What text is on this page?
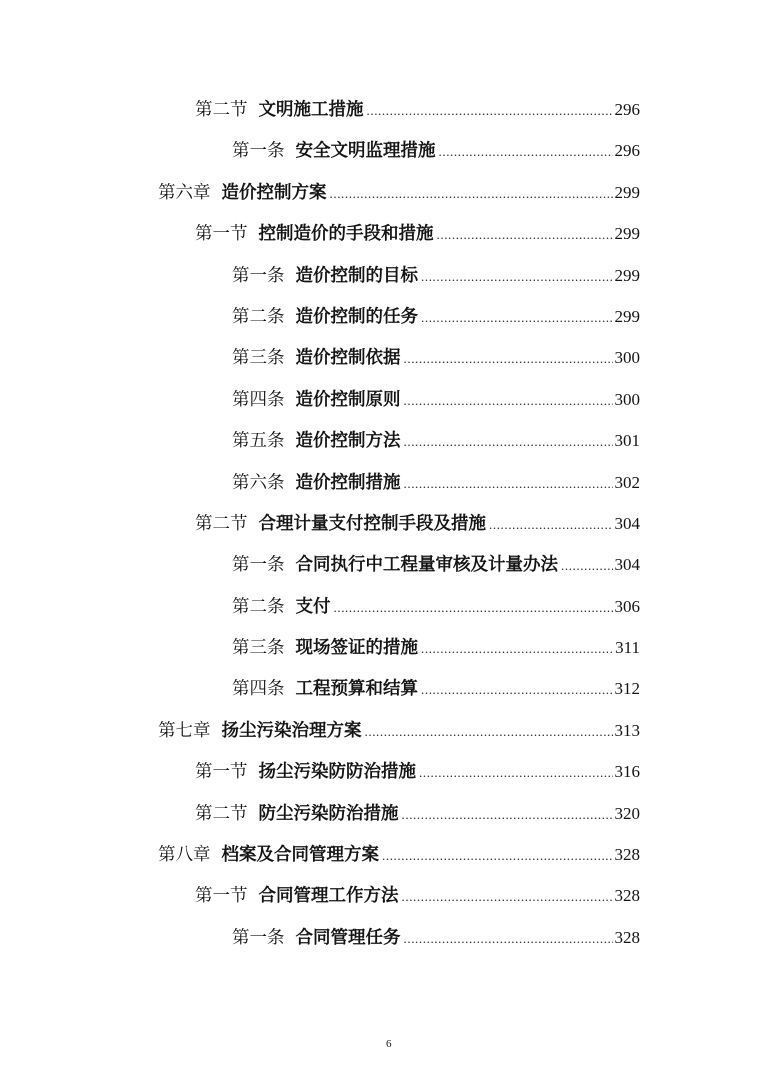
第二节 文明施工措施 .....	296
第一条 安全文明监理措施 .....	296
第六章 造价控制方案 .....	299
第一节 控制造价的手段和措施 .....	299
第一条 造价控制的目标 .....	299
第二条 造价控制的任务 .....	299
第三条 造价控制依据 .....	300
第四条 造价控制原则 .....	300
第五条 造价控制方法 .....	301
第六条 造价控制措施 .....	302
第二节 合理计量支付控制手段及措施 .....	304
第一条 合同执行中工程量审核及计量办法 .....	304
第二条 支付 .....	306
第三条 现场签证的措施 .....	311
第四条 工程预算和结算 .....	312
第七章 扬尘污染治理方案 .....	313
第一节 扬尘污染防防治措施 .....	316
第二节 防尘污染防治措施 .....	320
第八章 档案及合同管理方案 .....	328
第一节 合同管理工作方法 .....	328
第一条 合同管理任务 .....	328
6
